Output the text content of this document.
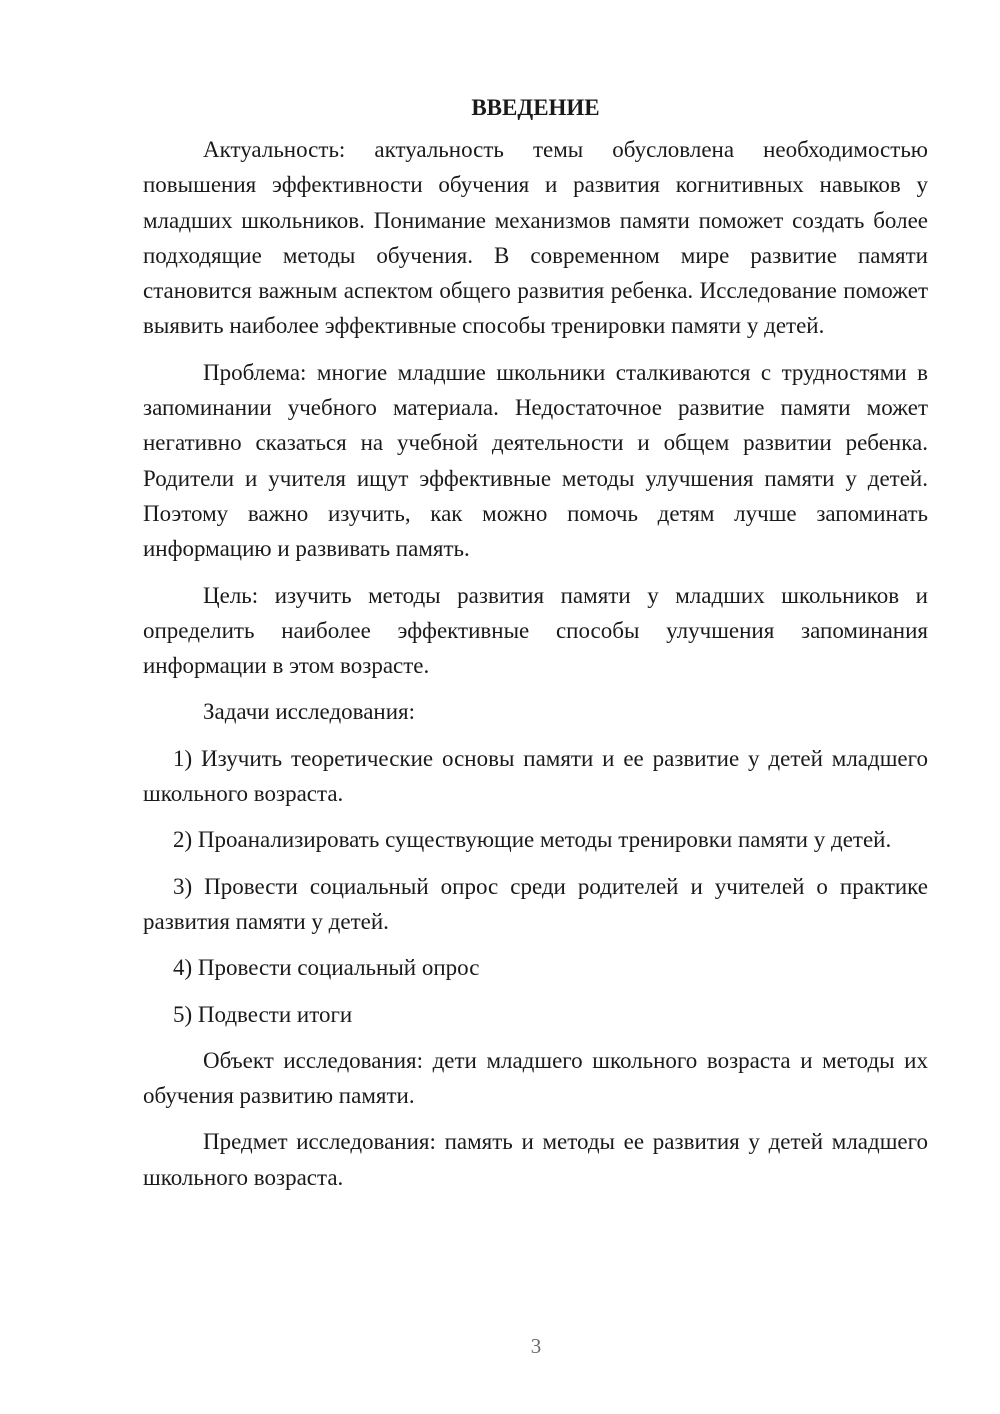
ВВЕДЕНИЕ

Актуальность: актуальность темы обусловлена необходимостью повышения эффективности обучения и развития когнитивных навыков у младших школьников. Понимание механизмов памяти поможет создать более подходящие методы обучения. В современном мире развитие памяти становится важным аспектом общего развития ребенка. Исследование поможет выявить наиболее эффективные способы тренировки памяти у детей.

Проблема: многие младшие школьники сталкиваются с трудностями в запоминании учебного материала. Недостаточное развитие памяти может негативно сказаться на учебной деятельности и общем развитии ребенка. Родители и учителя ищут эффективные методы улучшения памяти у детей. Поэтому важно изучить, как можно помочь детям лучше запоминать информацию и развивать память.

Цель: изучить методы развития памяти у младших школьников и определить наиболее эффективные способы улучшения запоминания информации в этом возрасте.

Задачи исследования:

1) Изучить теоретические основы памяти и ее развитие у детей младшего школьного возраста.

2) Проанализировать существующие методы тренировки памяти у детей.

3) Провести социальный опрос среди родителей и учителей о практике развития памяти у детей.

4) Провести социальный опрос

5) Подвести итоги

Объект исследования: дети младшего школьного возраста и методы их обучения развитию памяти.

Предмет исследования: память и методы ее развития у детей младшего школьного возраста.

3
